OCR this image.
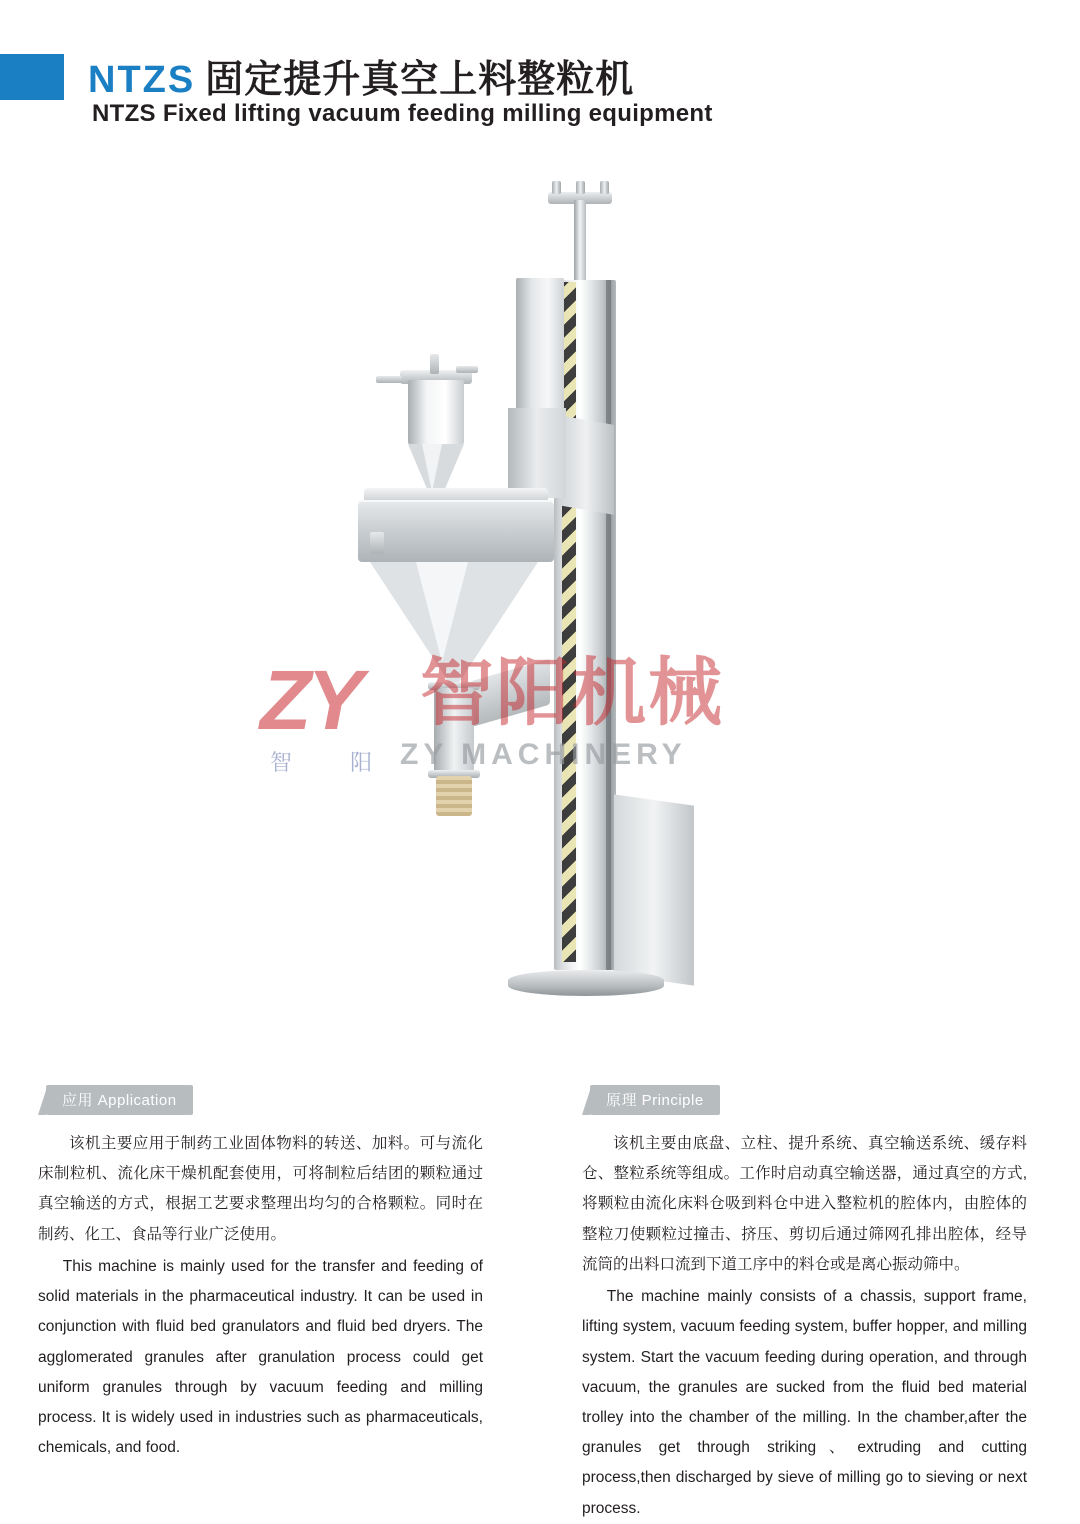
NTZS 固定提升真空上料整粒机
NTZS Fixed lifting vacuum feeding milling equipment
ZY 智阳机械
ZY MACHINERY
智 阳
应用 Application

该机主要应用于制药工业固体物料的转送、加料。可与流化床制粒机、流化床干燥机配套使用，可将制粒后结团的颗粒通过真空输送的方式，根据工艺要求整理出均匀的合格颗粒。同时在制药、化工、食品等行业广泛使用。

This machine is mainly used for the transfer and feeding of solid materials in the pharmaceutical industry. It can be used in conjunction with fluid bed granulators and fluid bed dryers. The agglomerated granules after granulation process could get uniform granules through by vacuum feeding and milling process. It is widely used in industries such as pharmaceuticals, chemicals, and food.

原理 Principle

该机主要由底盘、立柱、提升系统、真空输送系统、缓存料仓、整粒系统等组成。工作时启动真空输送器，通过真空的方式,将颗粒由流化床料仓吸到料仓中进入整粒机的腔体内，由腔体的整粒刀使颗粒过撞击、挤压、剪切后通过筛网孔排出腔体，经导流筒的出料口流到下道工序中的料仓或是离心振动筛中。

The machine mainly consists of a chassis, support frame, lifting system, vacuum feeding system, buffer hopper, and milling system. Start the vacuum feeding during operation, and through vacuum, the granules are sucked from the fluid bed material trolley into the chamber of the milling. In the chamber,after the granules get through striking、extruding and cutting process,then discharged by sieve of milling go to sieving or next process.
